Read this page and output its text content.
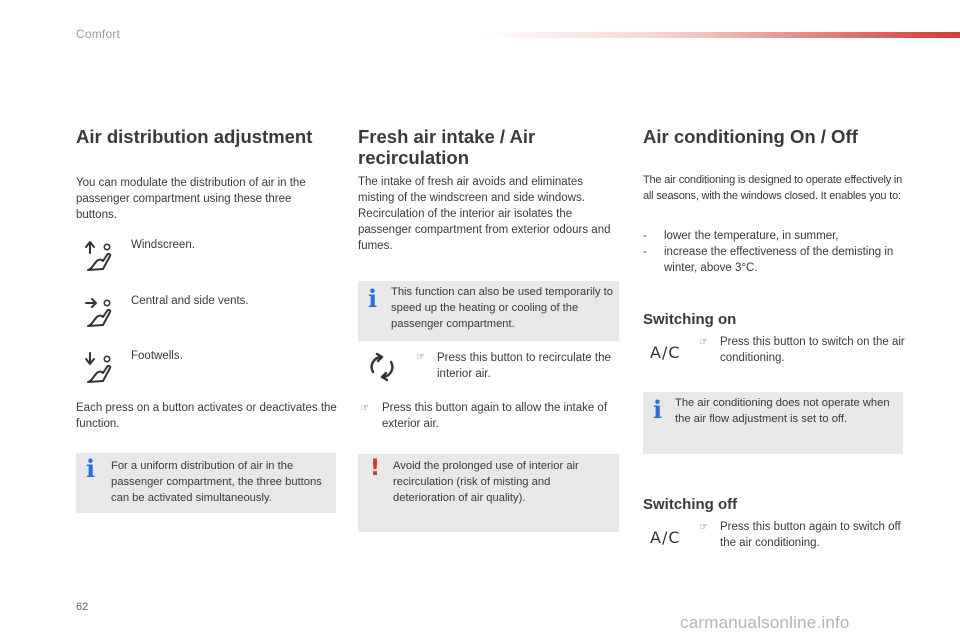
Comfort
Air distribution adjustment
You can modulate the distribution of air in the passenger compartment using these three buttons.
Windscreen.
Central and side vents.
Footwells.
Each press on a button activates or deactivates the function.
i For a uniform distribution of air in the passenger compartment, the three buttons can be activated simultaneously.
Fresh air intake / Air
recirculation
The intake of fresh air avoids and eliminates misting of the windscreen and side windows. Recirculation of the interior air isolates the passenger compartment from exterior odours and fumes.
i This function can also be used temporarily to speed up the heating or cooling of the passenger compartment.
☞ Press this button to recirculate the interior air.
☞ Press this button again to allow the intake of exterior air.
! Avoid the prolonged use of interior air recirculation (risk of misting and deterioration of air quality).
Air conditioning On / Off
The air conditioning is designed to operate effectively in all seasons, with the windows closed. It enables you to:
- lower the temperature, in summer,
- increase the effectiveness of the demisting in winter, above 3°C.
Switching on
A/C
☞ Press this button to switch on the air conditioning.
i The air conditioning does not operate when the air flow adjustment is set to off.
Switching off
A/C
☞ Press this button again to switch off the air conditioning.
62
carmanualsonline.info
